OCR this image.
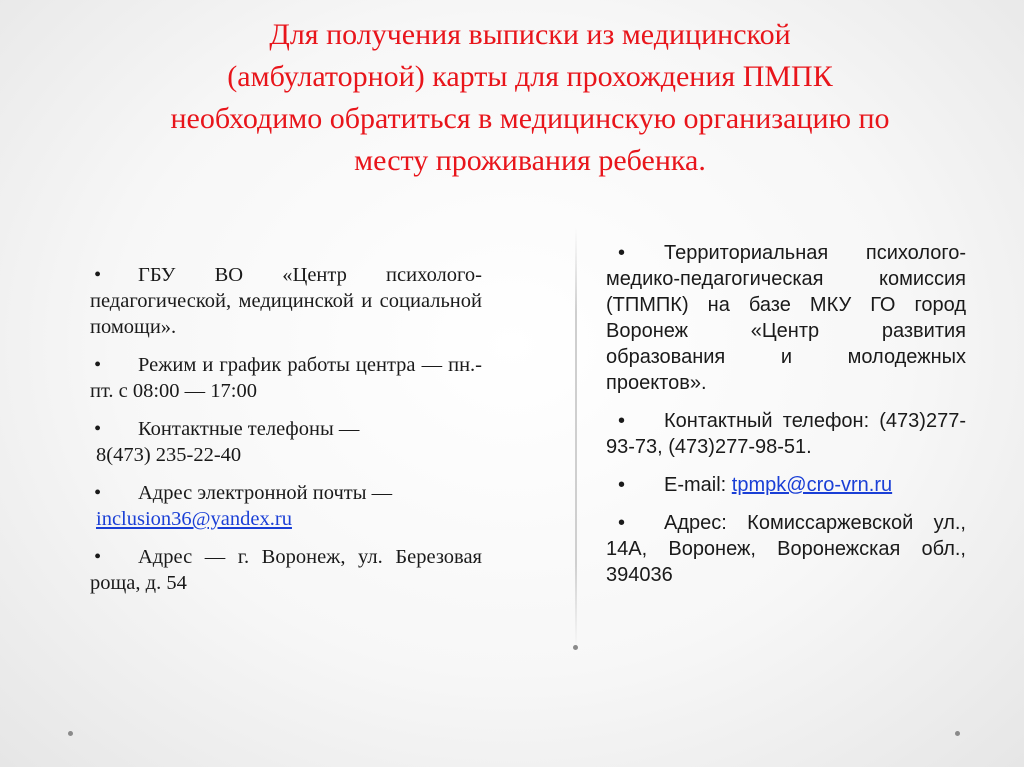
Для получения выписки из медицинской
(амбулаторной) карты для прохождения ПМПК
необходимо обратиться в медицинскую организацию по
месту проживания ребенка.
• ГБУ ВО «Центр психолого-педагогической, медицинской и социальной помощи».
• Режим и график работы центра — пн.-пт. с 08:00 — 17:00
• Контактные телефоны —
8(473) 235-22-40
• Адрес электронной почты —
inclusion36@yandex.ru
• Адрес — г. Воронеж, ул. Березовая роща, д. 54
• Территориальная психолого-медико-педагогическая комиссия (ТПМПК) на базе МКУ ГО город Воронеж «Центр развития образования и молодежных проектов».
• Контактный телефон: (473)277-93-73, (473)277-98-51.
• E-mail: tpmpk@cro-vrn.ru
• Адрес: Комиссаржевской ул., 14А, Воронеж, Воронежская обл., 394036
